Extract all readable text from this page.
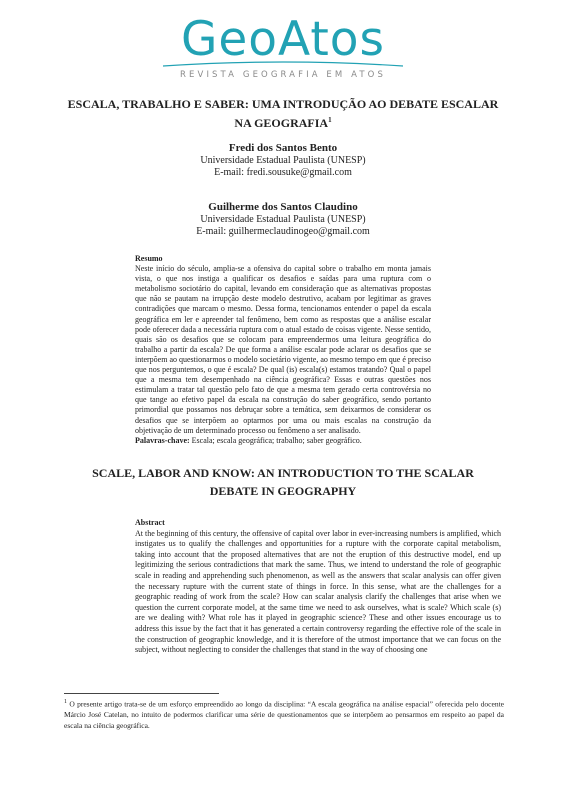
GeoAtos
REVISTA GEOGRAFIA EM ATOS
ESCALA, TRABALHO E SABER: UMA INTRODUÇÃO AO DEBATE ESCALAR NA GEOGRAFIA$^1$
Fredi dos Santos Bento
Universidade Estadual Paulista (UNESP)
E-mail: fredi.sousuke@gmail.com
Guilherme dos Santos Claudino
Universidade Estadual Paulista (UNESP)
E-mail: guilhermeclaudinogeo@gmail.com
Resumo
Neste início do século, amplia-se a ofensiva do capital sobre o trabalho em monta jamais vista, o que nos instiga a qualificar os desafios e saídas para uma ruptura com o metabolismo sociotário do capital, levando em consideração que as alternativas propostas que não se pautam na irrupção deste modelo destrutivo, acabam por legitimar as graves contradições que marcam o mesmo. Dessa forma, tencionamos entender o papel da escala geográfica em ler e apreender tal fenômeno, bem como as respostas que a análise escalar pode oferecer dada a necessária ruptura com o atual estado de coisas vigente. Nesse sentido, quais são os desafios que se colocam para empreendermos uma leitura geográfica do trabalho a partir da escala? De que forma a análise escalar pode aclarar os desafios que se interpõem ao questionarmos o modelo societário vigente, ao mesmo tempo em que é preciso que nos perguntemos, o que é escala? De qual (is) escala(s) estamos tratando? Qual o papel que a mesma tem desempenhado na ciência geográfica? Essas e outras questões nos estimulam a tratar tal questão pelo fato de que a mesma tem gerado certa controvérsia no que tange ao efetivo papel da escala na construção do saber geográfico, sendo portanto primordial que possamos nos debruçar sobre a temática, sem deixarmos de considerar os desafios que se interpõem ao optarmos por uma ou mais escalas na construção da objetivação de um determinado processo ou fenômeno a ser analisado.
Palavras-chave: Escala; escala geográfica; trabalho; saber geográfico.
SCALE, LABOR AND KNOW: AN INTRODUCTION TO THE SCALAR DEBATE IN GEOGRAPHY
Abstract
At the beginning of this century, the offensive of capital over labor in ever-increasing numbers is amplified, which instigates us to qualify the challenges and opportunities for a rupture with the corporate capital metabolism, taking into account that the proposed alternatives that are not the eruption of this destructive model, end up legitimizing the serious contradictions that mark the same. Thus, we intend to understand the role of geographic scale in reading and apprehending such phenomenon, as well as the answers that scalar analysis can offer given the necessary rupture with the current state of things in force. In this sense, what are the challenges for a geographic reading of work from the scale? How can scalar analysis clarify the challenges that arise when we question the current corporate model, at the same time we need to ask ourselves, what is scale? Which scale (s) are we dealing with? What role has it played in geographic science? These and other issues encourage us to address this issue by the fact that it has generated a certain controversy regarding the effective role of the scale in the construction of geographic knowledge, and it is therefore of the utmost importance that we can focus on the subject, without neglecting to consider the challenges that stand in the way of choosing one
$^1$ O presente artigo trata-se de um esforço empreendido ao longo da disciplina: “A escala geográfica na análise espacial” oferecida pelo docente Márcio José Catelan, no intuito de podermos clarificar uma série de questionamentos que se interpõem ao pensarmos em respeito ao papel da escala na ciência geográfica.
